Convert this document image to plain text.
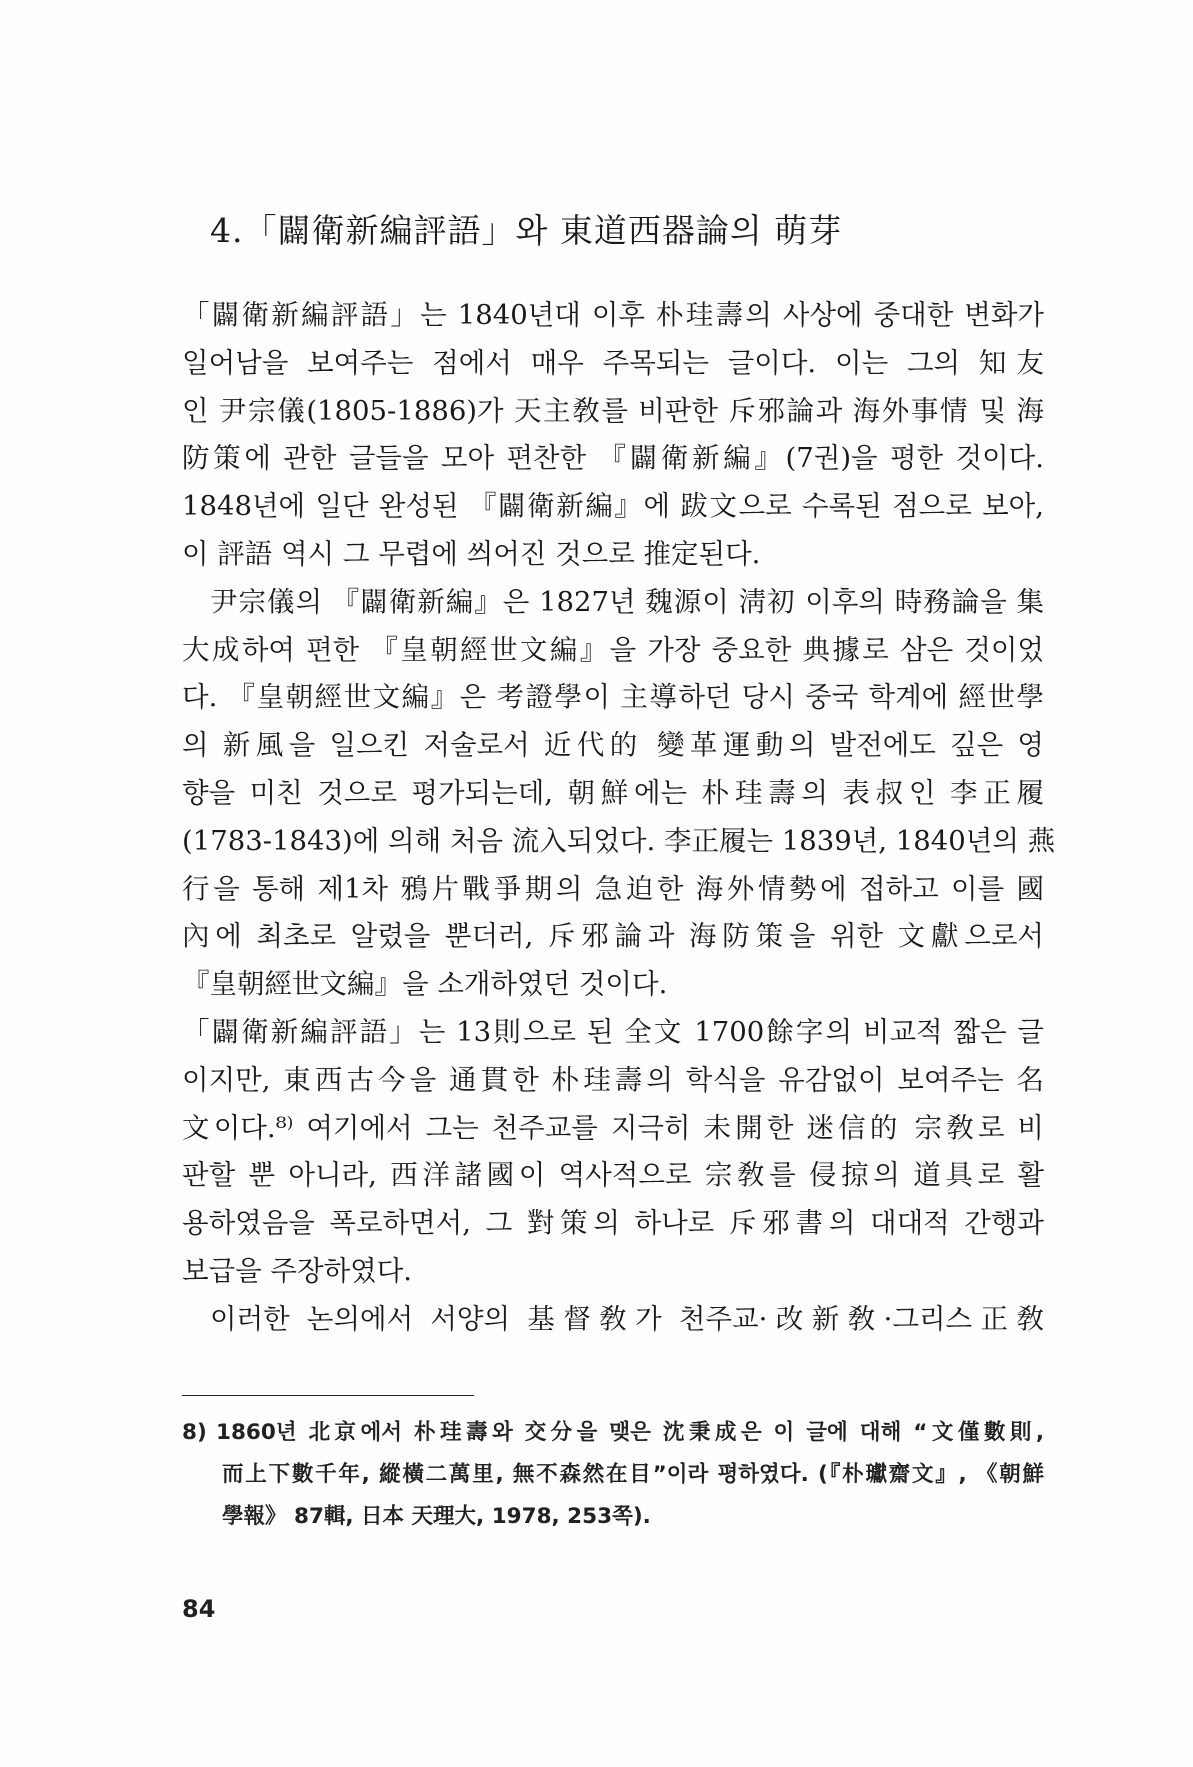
4.「闢衛新編評語」와 東道西器論의 萌芽

「闢衛新編評語」는 1840년대 이후 朴珪壽의 사상에 중대한 변화가
일어남을 보여주는 점에서 매우 주목되는 글이다. 이는 그의 知友
인 尹宗儀(1805-1886)가 天主敎를 비판한 斥邪論과 海外事情 및 海
防策에 관한 글들을 모아 편찬한 『闢衛新編』(7권)을 평한 것이다.
1848년에 일단 완성된 『闢衛新編』에 跋文으로 수록된 점으로 보아,
이 評語 역시 그 무렵에 씌어진 것으로 推定된다.

尹宗儀의 『闢衛新編』은 1827년 魏源이 淸初 이후의 時務論을 集
大成하여 편한 『皇朝經世文編』을 가장 중요한 典據로 삼은 것이었
다. 『皇朝經世文編』은 考證學이 主導하던 당시 중국 학계에 經世學
의 新風을 일으킨 저술로서 近代的 變革運動의 발전에도 깊은 영
향을 미친 것으로 평가되는데, 朝鮮에는 朴珪壽의 表叔인 李正履
(1783-1843)에 의해 처음 流入되었다. 李正履는 1839년, 1840년의 燕
行을 통해 제1차 鴉片戰爭期의 急迫한 海外情勢에 접하고 이를 國
內에 최초로 알렸을 뿐더러, 斥邪論과 海防策을 위한 文獻으로서
『皇朝經世文編』을 소개하였던 것이다.

「闢衛新編評語」는 13則으로 된 全文 1700餘字의 비교적 짧은 글
이지만, 東西古今을 通貫한 朴珪壽의 학식을 유감없이 보여주는 名
文이다.⁸⁾ 여기에서 그는 천주교를 지극히 未開한 迷信的 宗敎로 비
판할 뿐 아니라, 西洋諸國이 역사적으로 宗敎를 侵掠의 道具로 활
용하였음을 폭로하면서, 그 對策의 하나로 斥邪書의 대대적 간행과
보급을 주장하였다.

이러한 논의에서 서양의 基督敎가 천주교·改新敎·그리스正敎

8) 1860년 北京에서 朴珪壽와 交分을 맺은 沈秉成은 이 글에 대해 “文僅數則,
而上下數千年, 縱橫二萬里, 無不森然在目”이라 평하였다. (『朴瓛齋文』, 《朝鮮
學報》 87輯, 日本 天理大, 1978, 253쪽).
84
